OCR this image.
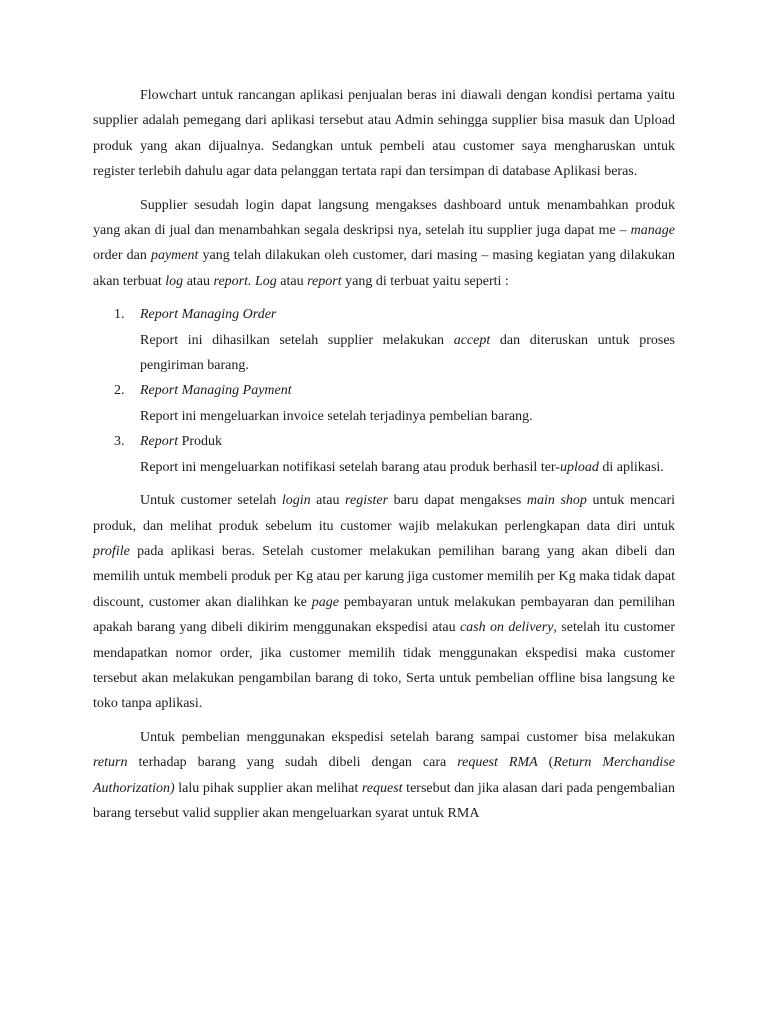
Flowchart untuk rancangan aplikasi penjualan beras ini diawali dengan kondisi pertama yaitu supplier adalah pemegang dari aplikasi tersebut atau Admin sehingga supplier bisa masuk dan Upload produk yang akan dijualnya. Sedangkan untuk pembeli atau customer saya mengharuskan untuk register terlebih dahulu agar data pelanggan tertata rapi dan tersimpan di database Aplikasi beras.

Supplier sesudah login dapat langsung mengakses dashboard untuk menambahkan produk yang akan di jual dan menambahkan segala deskripsi nya, setelah itu supplier juga dapat me – manage order dan payment yang telah dilakukan oleh customer, dari masing – masing kegiatan yang dilakukan akan terbuat log atau report. Log atau report yang di terbuat yaitu seperti :

1. Report Managing Order
Report ini dihasilkan setelah supplier melakukan accept dan diteruskan untuk proses pengiriman barang.
2. Report Managing Payment
Report ini mengeluarkan invoice setelah terjadinya pembelian barang.
3. Report Produk
Report ini mengeluarkan notifikasi setelah barang atau produk berhasil ter-upload di aplikasi.

Untuk customer setelah login atau register baru dapat mengakses main shop untuk mencari produk, dan melihat produk sebelum itu customer wajib melakukan perlengkapan data diri untuk profile pada aplikasi beras. Setelah customer melakukan pemilihan barang yang akan dibeli dan memilih untuk membeli produk per Kg atau per karung jiga customer memilih per Kg maka tidak dapat discount, customer akan dialihkan ke page pembayaran untuk melakukan pembayaran dan pemilihan apakah barang yang dibeli dikirim menggunakan ekspedisi atau cash on delivery, setelah itu customer mendapatkan nomor order, jika customer memilih tidak menggunakan ekspedisi maka customer tersebut akan melakukan pengambilan barang di toko, Serta untuk pembelian offline bisa langsung ke toko tanpa aplikasi.

Untuk pembelian menggunakan ekspedisi setelah barang sampai customer bisa melakukan return terhadap barang yang sudah dibeli dengan cara request RMA (Return Merchandise Authorization) lalu pihak supplier akan melihat request tersebut dan jika alasan dari pada pengembalian barang tersebut valid supplier akan mengeluarkan syarat untuk RMA
